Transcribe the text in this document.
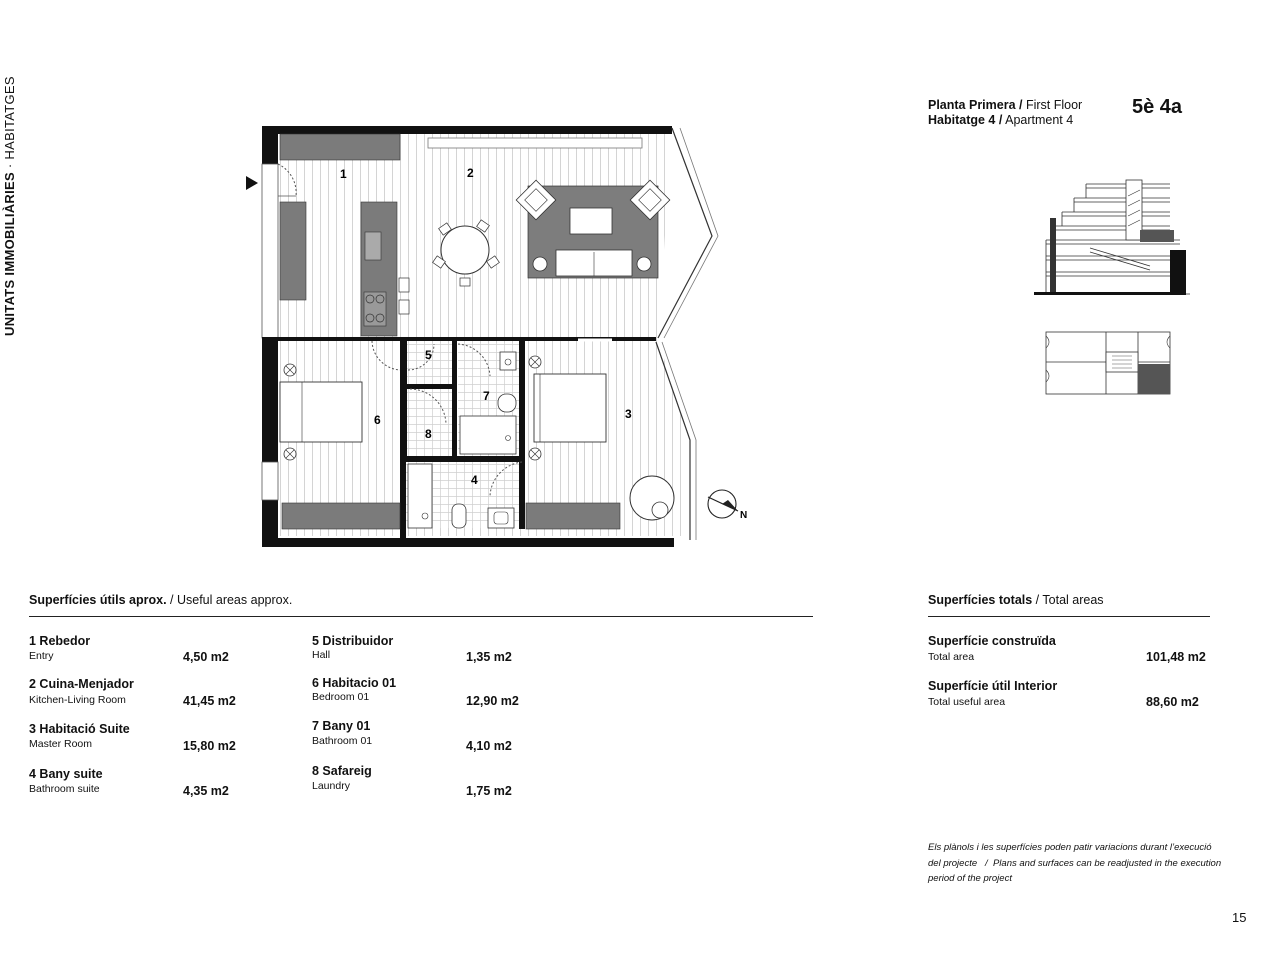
UNITATS IMMOBILIÀRIES · HABITATGES	Planta Primera / First Floor
Habitatge 4 / Apartment 4
5è 4a
1	2
3
4
5
6
7
8
N
Superfícies útils aprox. / Useful areas approx.
1 Rebedor
Entry	4,50 m2
2 Cuina-Menjador
Kitchen-Living Room	41,45 m2
3 Habitació Suite
Master Room	15,80 m2
4 Bany suite
Bathroom suite	4,35 m2
5 Distribuidor
Hall	1,35 m2
6 Habitacio 01
Bedroom 01	12,90 m2
7 Bany 01
Bathroom 01	4,10 m2
8 Safareig
Laundry	1,75 m2
Superfícies totals / Total areas
Superfície construïda
Total area	101,48 m2
Superfície útil Interior
Total useful area	88,60 m2
Els plànols i les superfícies poden patir variacions durant l’execució
del projecte / Plans and surfaces can be readjusted in the execution
period of the project
15
